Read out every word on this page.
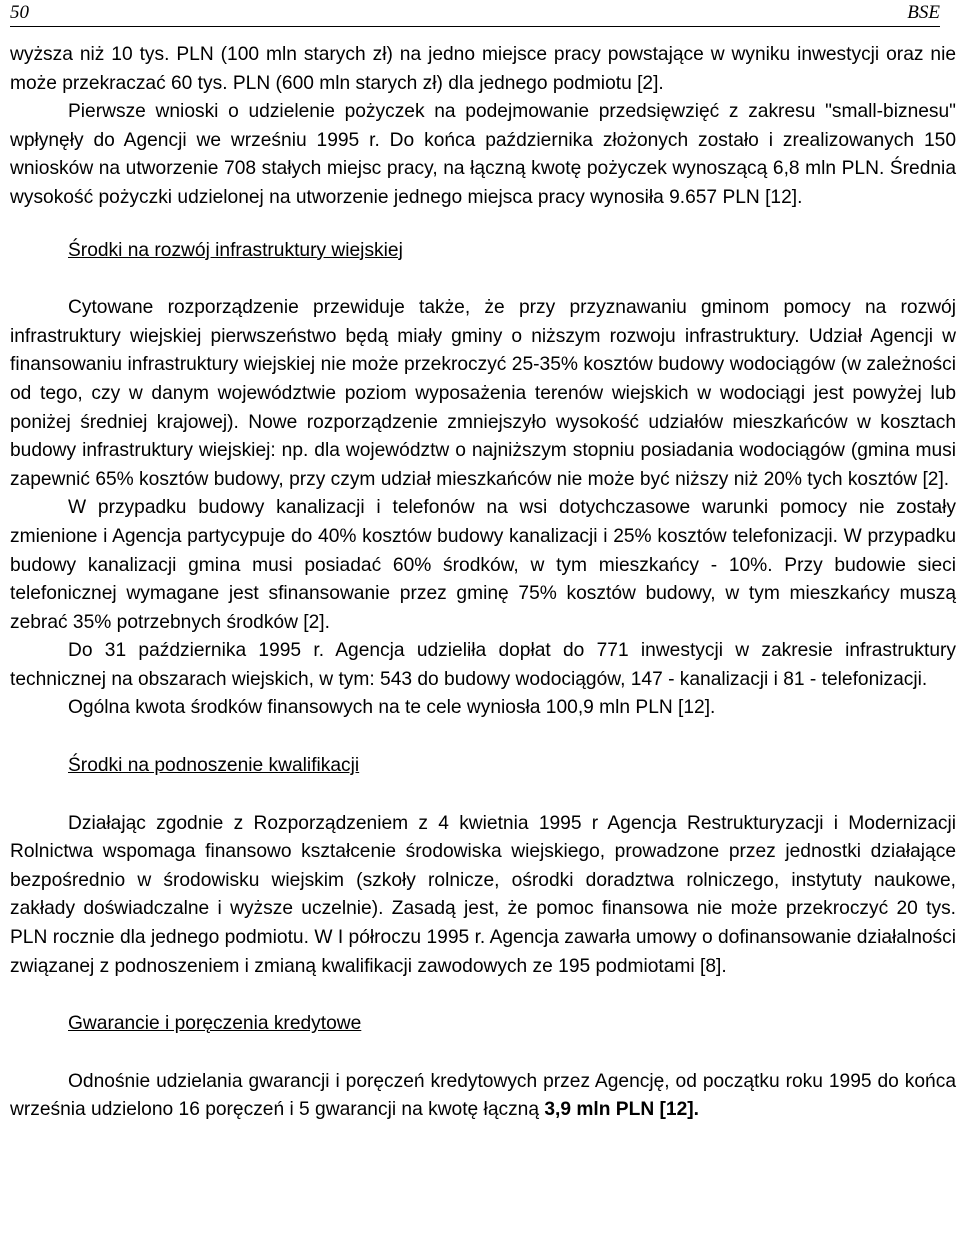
50	BSE

wyższa niż 10 tys. PLN (100 mln starych zł) na jedno miejsce pracy powstające w wyniku inwestycji oraz nie może przekraczać 60 tys. PLN (600 mln starych zł) dla jednego podmiotu [2].

Pierwsze wnioski o udzielenie pożyczek na podejmowanie przedsięwzięć z zakresu "small-biznesu" wpłynęły do Agencji we wrześniu 1995 r. Do końca października złożonych zostało i zrealizowanych 150 wniosków na utworzenie 708 stałych miejsc pracy, na łączną kwotę pożyczek wynoszącą 6,8 mln PLN. Średnia wysokość pożyczki udzielonej na utworzenie jednego miejsca pracy wynosiła 9.657 PLN [12].

Środki na rozwój infrastruktury wiejskiej

Cytowane rozporządzenie przewiduje także, że przy przyznawaniu gminom pomocy na rozwój infrastruktury wiejskiej pierwszeństwo będą miały gminy o niższym rozwoju infrastruktury. Udział Agencji w finansowaniu infrastruktury wiejskiej nie może przekroczyć 25-35% kosztów budowy wodociągów (w zależności od tego, czy w danym województwie poziom wyposażenia terenów wiejskich w wodociągi jest powyżej lub poniżej średniej krajowej). Nowe rozporządzenie zmniejszyło wysokość udziałów mieszkańców w kosztach budowy infrastruktury wiejskiej: np. dla województw o najniższym stopniu posiadania wodociągów (gmina musi zapewnić 65% kosztów budowy, przy czym udział mieszkańców nie może być niższy niż 20% tych kosztów [2].

W przypadku budowy kanalizacji i telefonów na wsi dotychczasowe warunki pomocy nie zostały zmienione i Agencja partycypuje do 40% kosztów budowy kanalizacji i 25% kosztów telefonizacji. W przypadku budowy kanalizacji gmina musi posiadać 60% środków, w tym mieszkańcy - 10%. Przy budowie sieci telefonicznej wymagane jest sfinansowanie przez gminę 75% kosztów budowy, w tym mieszkańcy muszą zebrać 35% potrzebnych środków [2].

Do 31 października 1995 r. Agencja udzieliła dopłat do 771 inwestycji w zakresie infrastruktury technicznej na obszarach wiejskich, w tym: 543 do budowy wodociągów, 147 - kanalizacji i 81 - telefonizacji.

Ogólna kwota środków finansowych na te cele wyniosła 100,9 mln PLN [12].

Środki na podnoszenie kwalifikacji

Działając zgodnie z Rozporządzeniem z 4 kwietnia 1995 r Agencja Restrukturyzacji i Modernizacji Rolnictwa wspomaga finansowo kształcenie środowiska wiejskiego, prowadzone przez jednostki działające bezpośrednio w środowisku wiejskim (szkoły rolnicze, ośrodki doradztwa rolniczego, instytuty naukowe, zakłady doświadczalne i wyższe uczelnie). Zasadą jest, że pomoc finansowa nie może przekroczyć 20 tys. PLN rocznie dla jednego podmiotu. W I półroczu 1995 r. Agencja zawarła umowy o dofinansowanie działalności związanej z podnoszeniem i zmianą kwalifikacji zawodowych ze 195 podmiotami [8].

Gwarancie i poręczenia kredytowe

Odnośnie udzielania gwarancji i poręczeń kredytowych przez Agencję, od początku roku 1995 do końca września udzielono 16 poręczeń i 5 gwarancji na kwotę łączną 3,9 mln PLN [12].
